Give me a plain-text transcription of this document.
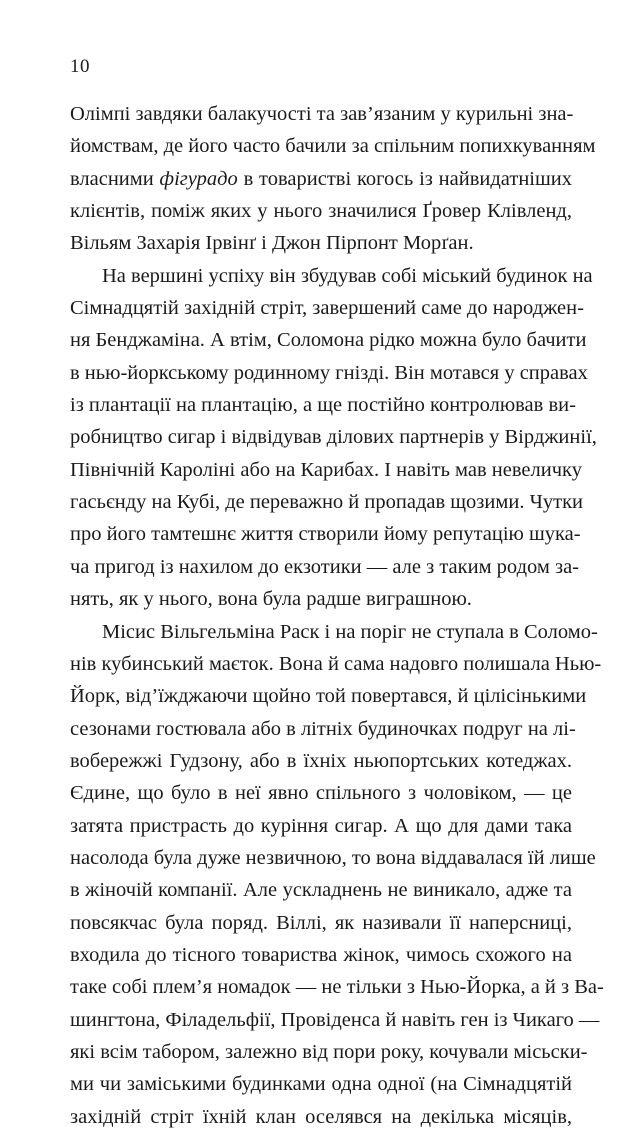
10
Олімпі завдяки балакучості та зав’язаним у курильні зна-
йомствам, де його часто бачили за спільним попихкуванням
власними фігурадо в товаристві когось із найвидатніших
клієнтів, поміж яких у нього значилися Ґровер Клівленд,
Вільям Захарія Ірвінґ і Джон Пірпонт Морґан.
На вершині успіху він збудував собі міський будинок на
Сімнадцятій західній стріт, завершений саме до народжен-
ня Бенджаміна. А втім, Соломона рідко можна було бачити
в нью-йоркському родинному гнізді. Він мотався у справах
із плантації на плантацію, а ще постійно контролював ви-
робництво сигар і відвідував ділових партнерів у Вірджинії,
Північній Кароліні або на Карибах. І навіть мав невеличку
гасьєнду на Кубі, де переважно й пропадав щозими. Чутки
про його тамтешнє життя створили йому репутацію шука-
ча пригод із нахилом до екзотики — але з таким родом за-
нять, як у нього, вона була радше виграшною.
Місис Вільгельміна Раск і на поріг не ступала в Соломо-
нів кубинський маєток. Вона й сама надовго полишала Нью-
Йорк, від’їжджаючи щойно той повертався, й цілісінькими
сезонами гостювала або в літніх будиночках подруг на лі-
вобережжі Гудзону, або в їхніх ньюпортських котеджах.
Єдине, що було в неї явно спільного з чоловіком, — це
затята пристрасть до куріння сигар. А що для дами така
насолода була дуже незвичною, то вона віддавалася їй лише
в жіночій компанії. Але ускладнень не виникало, адже та
повсякчас була поряд. Віллі, як називали її наперсниці,
входила до тісного товариства жінок, чимось схожого на
таке собі плем’я номадок — не тільки з Нью-Йорка, а й з Ва-
шингтона, Філадельфії, Провіденса й навіть ген із Чикаго —
які всім табором, залежно від пори року, кочували місьски-
ми чи заміськими будинками одна одної (на Сімнадцятій
західній стріт їхній клан оселявся на декілька місяців,
